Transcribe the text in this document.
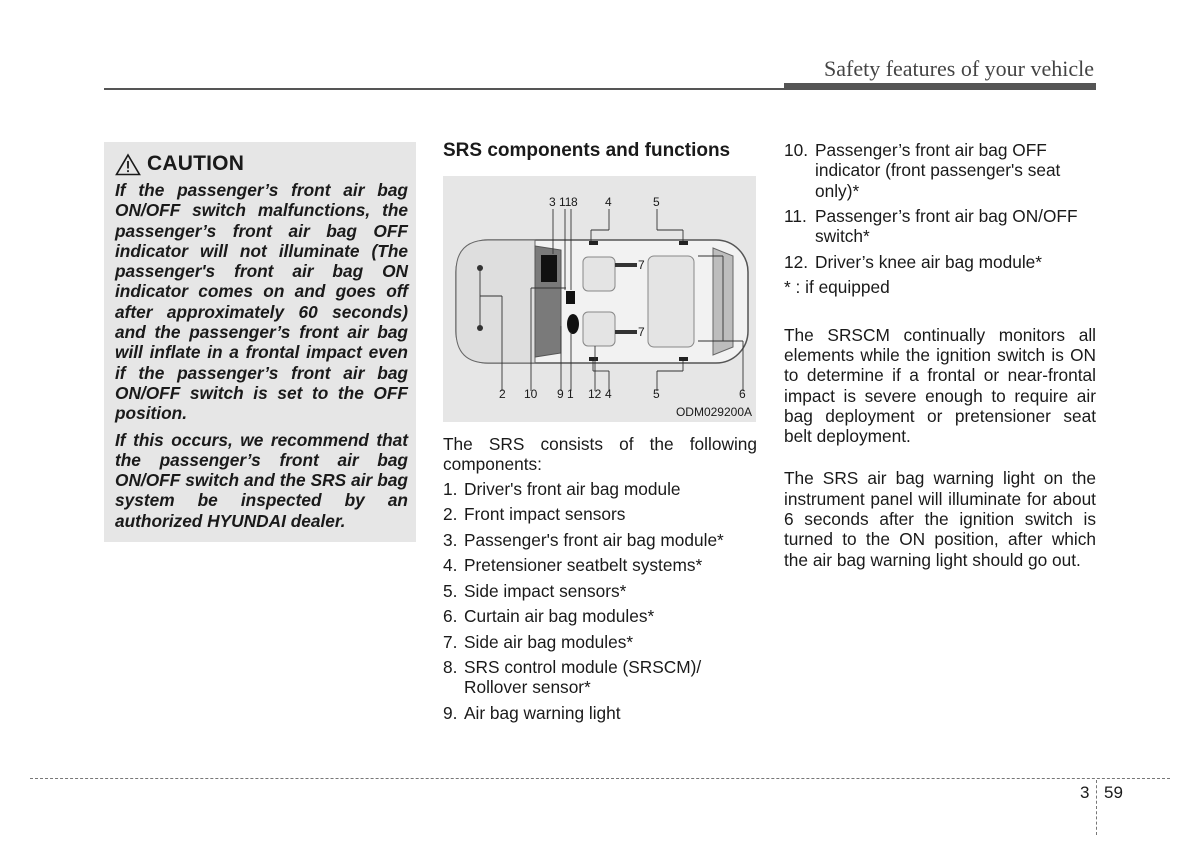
Safety features of your vehicle
CAUTION

If the passenger’s front air bag ON/OFF switch malfunctions, the passenger’s front air bag OFF indicator will not illuminate (The passenger's front air bag ON indicator comes on and goes off after approximately 60 seconds) and the passenger’s front air bag will inflate in a frontal impact even if the passenger’s front air bag ON/OFF switch is set to the OFF position.

If this occurs, we recommend that the passenger’s front air bag ON/OFF switch and the SRS air bag system be inspected by an authorized HYUNDAI dealer.

SRS components and functions
3 11 8 4	5
2 10 9 1 12 4	5	6
7
7
ODM029200A
The SRS consists of the following components:
1. Driver's front air bag module
2. Front impact sensors
3. Passenger's front air bag module*
4. Pretensioner seatbelt systems*
5. Side impact sensors*
6. Curtain air bag modules*
7. Side air bag modules*
8. SRS control module (SRSCM)/ Rollover sensor*
9. Air bag warning light
10. Passenger’s front air bag OFF indicator (front passenger's seat only)*
11. Passenger’s front air bag ON/OFF switch*
12. Driver’s knee air bag module*
* : if equipped

The SRSCM continually monitors all elements while the ignition switch is ON to determine if a frontal or near-frontal impact is severe enough to require air bag deployment or pretensioner seat belt deployment.

The SRS air bag warning light on the instrument panel will illuminate for about 6 seconds after the ignition switch is turned to the ON position, after which the air bag warning light should go out.

3 59
